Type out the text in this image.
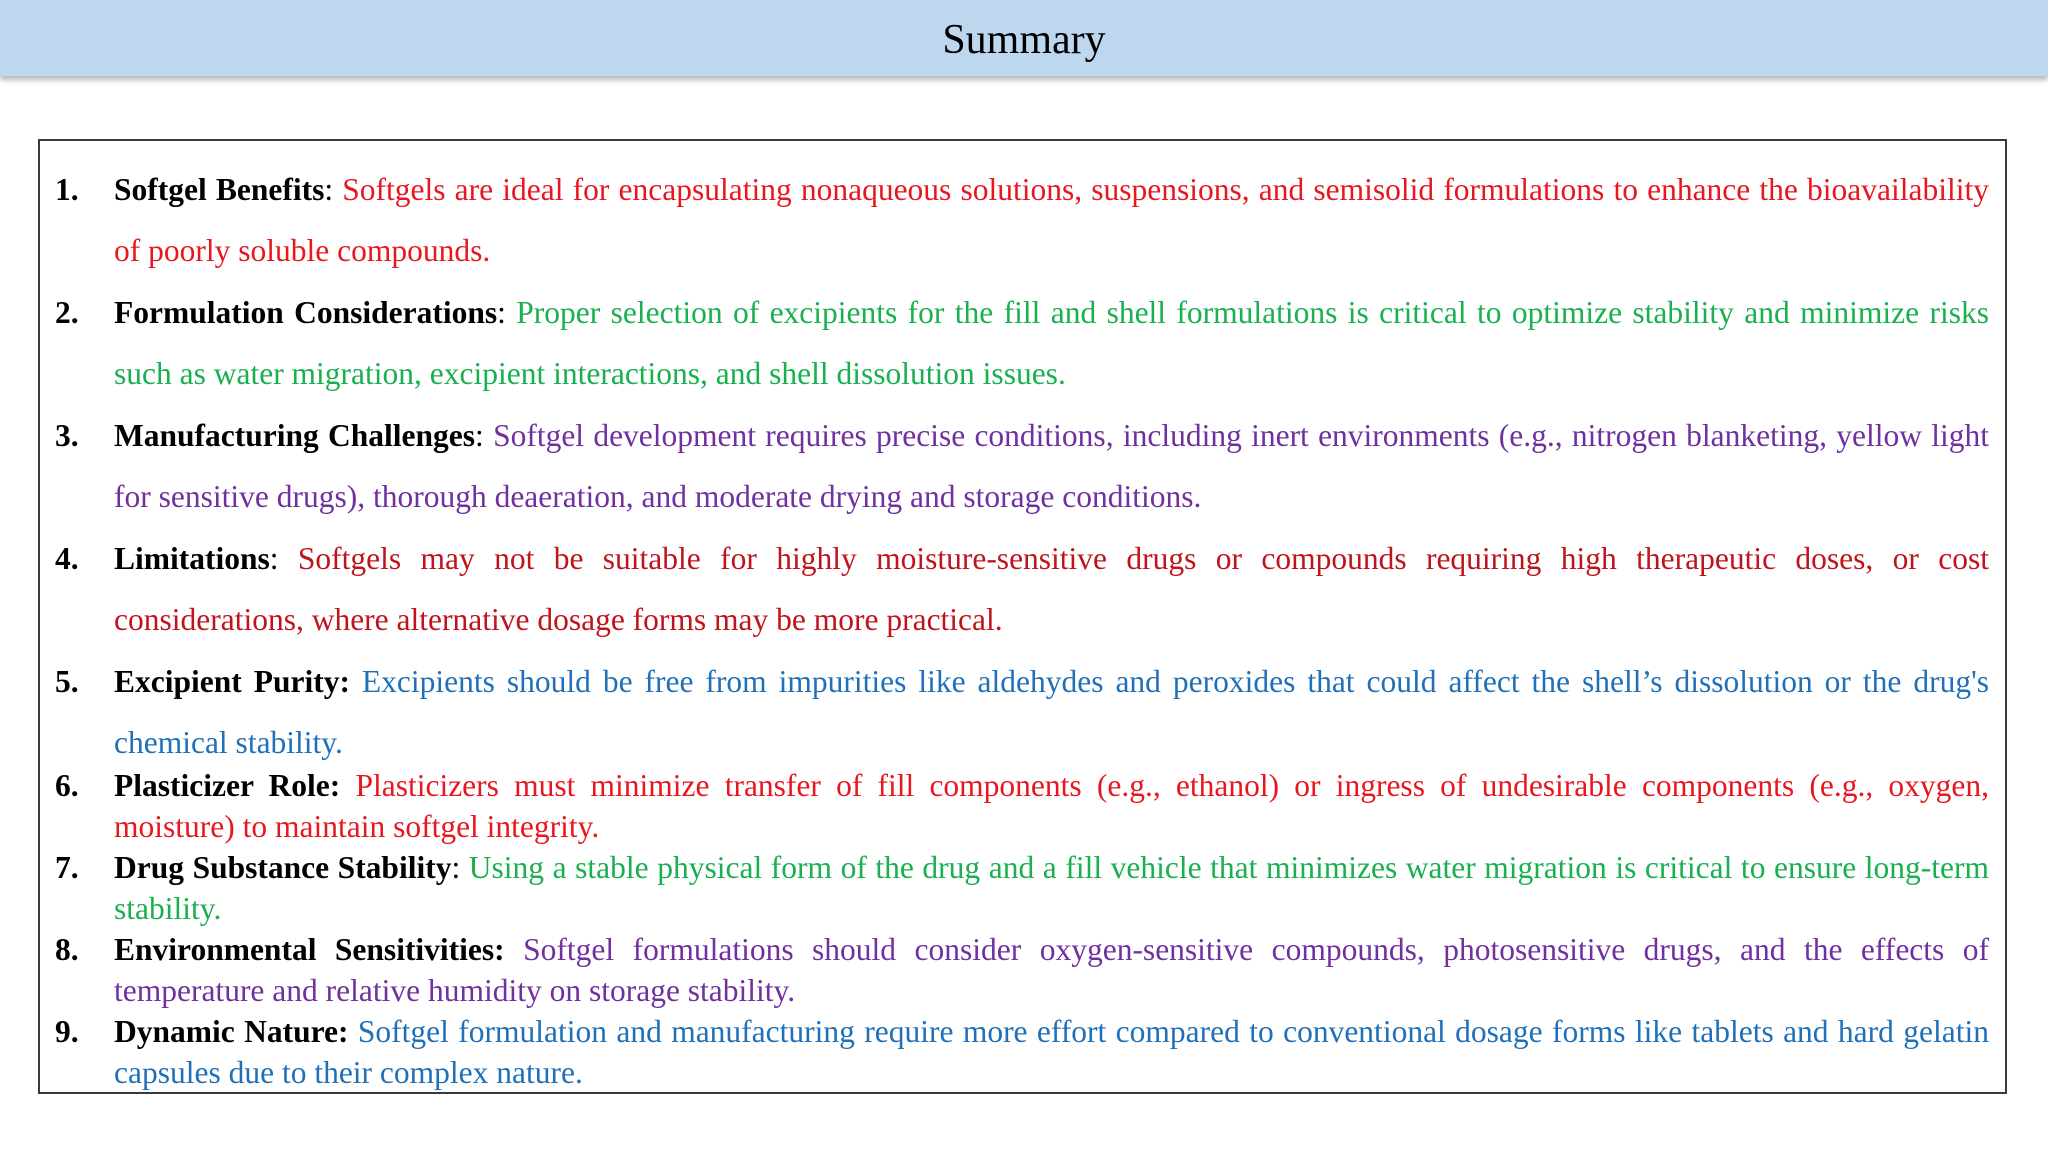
Summary
1. Softgel Benefits: Softgels are ideal for encapsulating nonaqueous solutions, suspensions, and semisolid formulations to enhance the bioavailability of poorly soluble compounds.
2. Formulation Considerations: Proper selection of excipients for the fill and shell formulations is critical to optimize stability and minimize risks such as water migration, excipient interactions, and shell dissolution issues.
3. Manufacturing Challenges: Softgel development requires precise conditions, including inert environments (e.g., nitrogen blanketing, yellow light for sensitive drugs), thorough deaeration, and moderate drying and storage conditions.
4. Limitations: Softgels may not be suitable for highly moisture-sensitive drugs or compounds requiring high therapeutic doses, or cost considerations, where alternative dosage forms may be more practical.
5. Excipient Purity: Excipients should be free from impurities like aldehydes and peroxides that could affect the shell’s dissolution or the drug's chemical stability.
6. Plasticizer Role: Plasticizers must minimize transfer of fill components (e.g., ethanol) or ingress of undesirable components (e.g., oxygen, moisture) to maintain softgel integrity.
7. Drug Substance Stability: Using a stable physical form of the drug and a fill vehicle that minimizes water migration is critical to ensure long-term stability.
8. Environmental Sensitivities: Softgel formulations should consider oxygen-sensitive compounds, photosensitive drugs, and the effects of temperature and relative humidity on storage stability.
9. Dynamic Nature: Softgel formulation and manufacturing require more effort compared to conventional dosage forms like tablets and hard gelatin capsules due to their complex nature.
